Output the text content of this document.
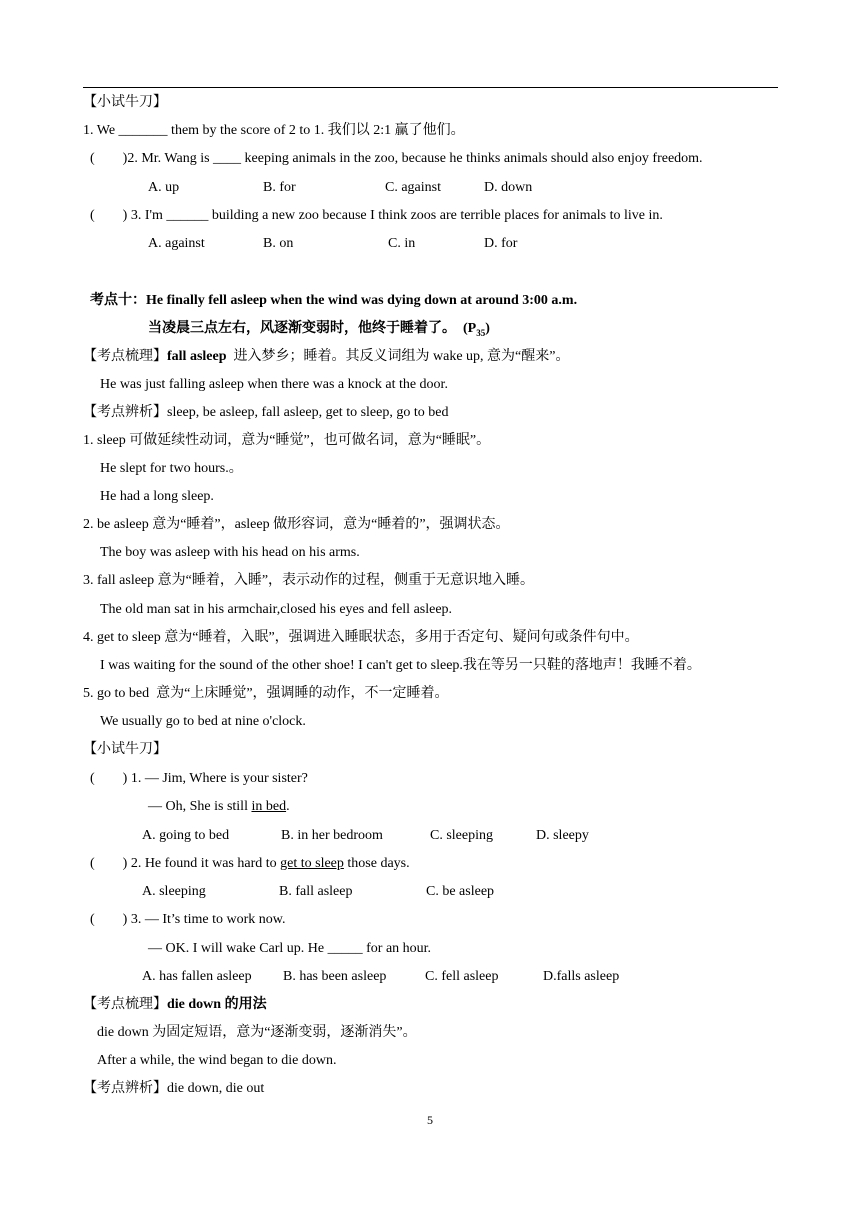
【小试牛刀】
1. We _______ them by the score of 2 to 1. 我们以 2:1 赢了他们。
(        )2. Mr. Wang is ____ keeping animals in the zoo, because he thinks animals should also enjoy freedom.
A. up	B. for	C. against	D. down
(        ) 3. I'm ______ building a new zoo because I think zoos are terrible places for animals to live in.
A. against	B. on	C. in	D. for
考点十：He finally fell asleep when the wind was dying down at around 3:00 a.m.
当凌晨三点左右，风逐渐变弱时，他终于睡着了。 $(P_{35})$
【考点梳理】fall asleep  进入梦乡；睡着。其反义词组为 wake up, 意为“醒来”。
He was just falling asleep when there was a knock at the door.
【考点辨析】sleep, be asleep, fall asleep, get to sleep, go to bed
1. sleep 可做延续性动词，意为“睡觉”，也可做名词，意为“睡眠”。
He slept for two hours.。
He had a long sleep.
2. be asleep 意为“睡着”，asleep 做形容词，意为“睡着的”，强调状态。
The boy was asleep with his head on his arms.
3. fall asleep 意为“睡着，入睡”，表示动作的过程，侧重于无意识地入睡。
The old man sat in his armchair,closed his eyes and fell asleep.
4. get to sleep 意为“睡着，入眠”，强调进入睡眠状态，多用于否定句、疑问句或条件句中。
I was waiting for the sound of the other shoe! I can't get to sleep.我在等另一只鞋的落地声！我睡不着。
5. go to bed  意为“上床睡觉”，强调睡的动作，不一定睡着。
We usually go to bed at nine o'clock.
【小试牛刀】
(        ) 1. — Jim, Where is your sister?
— Oh, She is still in bed.
A. going to bed	B. in her bedroom	C. sleeping	D. sleepy
(        ) 2. He found it was hard to get to sleep those days.
A. sleeping	B. fall asleep	C. be asleep
(        ) 3. — It’s time to work now.
— OK. I will wake Carl up. He _____ for an hour.
A. has fallen asleep B. has been asleep	C. fell asleep	D.falls asleep
【考点梳理】die down 的用法
die down 为固定短语，意为“逐渐变弱，逐渐消失”。
After a while, the wind began to die down.
【考点辨析】die down, die out
5
